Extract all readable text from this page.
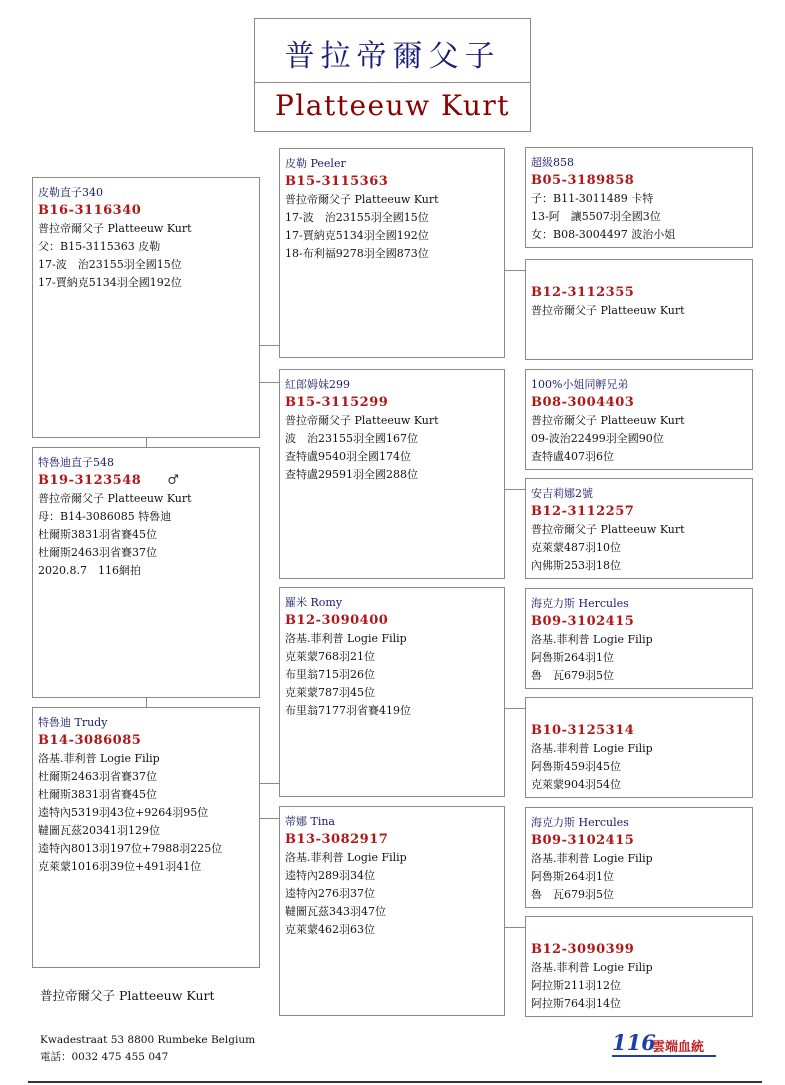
普拉帝爾父子
Platteeuw Kurt
皮勒直子340
B16-3116340
普拉帝爾父子 Platteeuw Kurt
父：B15-3115363 皮勒
17-波　治23155羽全國15位
17-賈納克5134羽全國192位
特魯迪直子548
B19-3123548 ♂
普拉帝爾父子 Platteeuw Kurt
母：B14-3086085 特魯迪
杜爾斯3831羽省賽45位
杜爾斯2463羽省賽37位
2020.8.7　116網拍
特魯迪 Trudy
B14-3086085
洛基.菲利普 Logie Filip
杜爾斯2463羽省賽37位
杜爾斯3831羽省賽45位
逵特內5319羽43位+9264羽95位
韃圖瓦茲20341羽129位
逵特內8013羽197位+7988羽225位
克萊蒙1016羽39位+491羽41位
皮勒 Peeler
B15-3115363
普拉帝爾父子 Platteeuw Kurt
17-波　治23155羽全國15位
17-賈納克5134羽全國192位
18-布利福9278羽全國873位
紅郎姆妹299
B15-3115299
普拉帝爾父子 Platteeuw Kurt
波　治23155羽全國167位
查特盧9540羽全國174位
查特盧29591羽全國288位
羅米 Romy
B12-3090400
洛基.菲利普 Logie Filip
克萊蒙768羽21位
布里翁715羽26位
克萊蒙787羽45位
布里翁7177羽省賽419位
蒂娜 Tina
B13-3082917
洛基.菲利普 Logie Filip
逵特內289羽34位
逵特內276羽37位
韃圖瓦茲343羽47位
克萊蒙462羽63位
超級858
B05-3189858
子：B11-3011489 卡特
13-阿　讓5507羽全國3位
女：B08-3004497 波治小姐

B12-3112355
普拉帝爾父子 Platteeuw Kurt
100%小姐同孵兄弟
B08-3004403
普拉帝爾父子 Platteeuw Kurt
09-波治22499羽全國90位
查特盧407羽6位
安吉莉娜2號
B12-3112257
普拉帝爾父子 Platteeuw Kurt
克萊蒙487羽10位
內佛斯253羽18位
海克力斯 Hercules
B09-3102415
洛基.菲利普 Logie Filip
阿魯斯264羽1位
魯　瓦679羽5位

B10-3125314
洛基.菲利普 Logie Filip
阿魯斯459羽45位
克萊蒙904羽54位
海克力斯 Hercules
B09-3102415
洛基.菲利普 Logie Filip
阿魯斯264羽1位
魯　瓦679羽5位

B12-3090399
洛基.菲利普 Logie Filip
阿拉斯211羽12位
阿拉斯764羽14位
普拉帝爾父子 Platteeuw Kurt
Kwadestraat 53 8800 Rumbeke Belgium
電話：0032 475 455 047
116
雲端血統
